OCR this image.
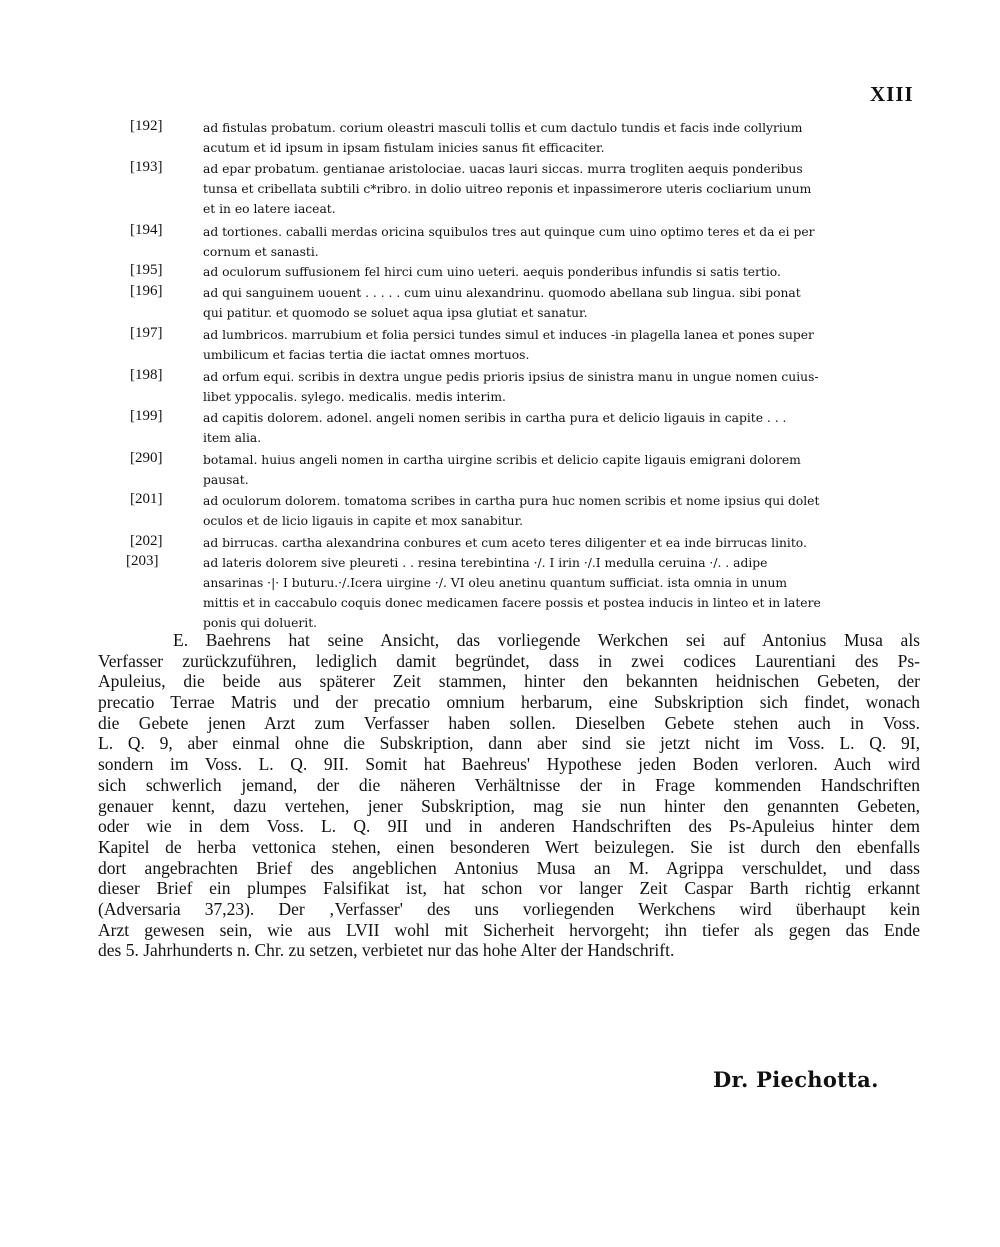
XIII
[192]	ad fistulas probatum. corium oleastri masculi tollis et cum dactulo tundis et facis inde collyrium
acutum et id ipsum in ipsam fistulam inicies sanus fit efficaciter.
[193]	ad epar probatum. gentianae aristolociae. uacas lauri siccas. murra trogliten aequis ponderibus
tunsa et cribellata subtili c*ribro. in dolio uitreo reponis et inpassimerore uteris cocliarium unum
et in eo latere iaceat.
[194]	ad tortiones. caballi merdas oricina squibulos tres aut quinque cum uino optimo teres et da ei per
cornum et sanasti.
[195]	ad oculorum suffusionem fel hirci cum uino ueteri. aequis ponderibus infundis si satis tertio.
[196]	ad qui sanguinem uouent . . . . . cum uinu alexandrinu. quomodo abellana sub lingua. sibi ponat
qui patitur. et quomodo se soluet aqua ipsa glutiat et sanatur.
[197]	ad lumbricos. marrubium et folia persici tundes simul et induces -in plagella lanea et pones super
umbilicum et facias tertia die iactat omnes mortuos.
[198]	ad orfum equi. scribis in dextra ungue pedis prioris ipsius de sinistra manu in ungue nomen cuius-
libet yppocalis. sylego. medicalis. medis interim.
[199]	ad capitis dolorem. adonel. angeli nomen seribis in cartha pura et delicio ligauis in capite . . .
item alia.
[290]	botamal. huius angeli nomen in cartha uirgine scribis et delicio capite ligauis emigrani dolorem
pausat.
[201]	ad oculorum dolorem. tomatoma scribes in cartha pura huc nomen scribis et nome ipsius qui dolet
oculos et de licio ligauis in capite et mox sanabitur.
[202]	ad birrucas. cartha alexandrina conbures et cum aceto teres diligenter et ea inde birrucas linito.
[203]	ad lateris dolorem sive pleureti . . resina terebintina ·/. I irin ·/.I medulla ceruina ·/. . adipe
ansarinas ·|· I buturu.·/.Icera uirgine ·/. VI oleu anetinu quantum sufficiat. ista omnia in unum
mittis et in caccabulo coquis donec medicamen facere possis et postea inducis in linteo et in latere
ponis qui doluerit.
E. Baehrens hat seine Ansicht, das vorliegende Werkchen sei auf Antonius Musa als
Verfasser zurückzuführen, lediglich damit begründet, dass in zwei codices Laurentiani des Ps-
Apuleius, die beide aus späterer Zeit stammen, hinter den bekannten heidnischen Gebeten, der
precatio Terrae Matris und der precatio omnium herbarum, eine Subskription sich findet, wonach
die Gebete jenen Arzt zum Verfasser haben sollen. Dieselben Gebete stehen auch in Voss.
L. Q. 9, aber einmal ohne die Subskription, dann aber sind sie jetzt nicht im Voss. L. Q. 9I,
sondern im Voss. L. Q. 9II. Somit hat Baehreus' Hypothese jeden Boden verloren. Auch wird
sich schwerlich jemand, der die näheren Verhältnisse der in Frage kommenden Handschriften
genauer kennt, dazu vertehen, jener Subskription, mag sie nun hinter den genannten Gebeten,
oder wie in dem Voss. L. Q. 9II und in anderen Handschriften des Ps-Apuleius hinter dem
Kapitel de herba vettonica stehen, einen besonderen Wert beizulegen. Sie ist durch den ebenfalls
dort angebrachten Brief des angeblichen Antonius Musa an M. Agrippa verschuldet, und dass
dieser Brief ein plumpes Falsifikat ist, hat schon vor langer Zeit Caspar Barth richtig erkannt
(Adversaria 37,23). Der ‚Verfasser' des uns vorliegenden Werkchens wird überhaupt kein
Arzt gewesen sein, wie aus LVII wohl mit Sicherheit hervorgeht; ihn tiefer als gegen das Ende
des 5. Jahrhunderts n. Chr. zu setzen, verbietet nur das hohe Alter der Handschrift.
Dr. Piechotta.
